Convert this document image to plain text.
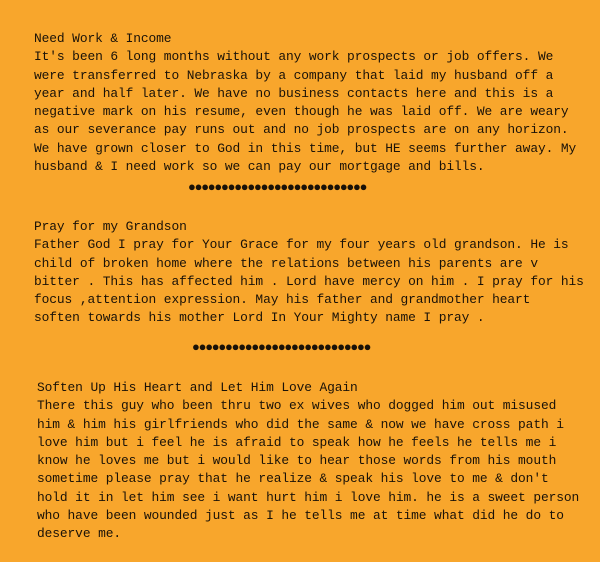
Need Work & Income
It's been 6 long months without any work prospects or job offers. We
were transferred to Nebraska by a company that laid my husband off a
year and half later. We have no business contacts here and this is a
negative mark on his resume, even though he was laid off. We are weary
as our severance pay runs out and no job prospects are on any horizon.
We have grown closer to God in this time, but HE seems further away. My
husband & I need work so we can pay our mortgage and bills.
●●●●●●●●●●●●●●●●●●●●●●●●●●●
Pray for my Grandson
Father God I pray for Your Grace for my four years old grandson. He is
child of broken home where the relations between his parents are v
bitter . This has affected him . Lord have mercy on him . I pray for his
focus ,attention expression. May his father and grandmother heart
soften towards his mother Lord In Your Mighty name I pray .
●●●●●●●●●●●●●●●●●●●●●●●●●●●
Soften Up His Heart and Let Him Love Again
There this guy who been thru two ex wives who dogged him out misused
him & him his girlfriends who did the same & now we have cross path i
love him but i feel he is afraid to speak how he feels he tells me i
know he loves me but i would like to hear those words from his mouth
sometime please pray that he realize & speak his love to me & don't
hold it in let him see i want hurt him i love him. he is a sweet person
who have been wounded just as I he tells me at time what did he do to
deserve me.
